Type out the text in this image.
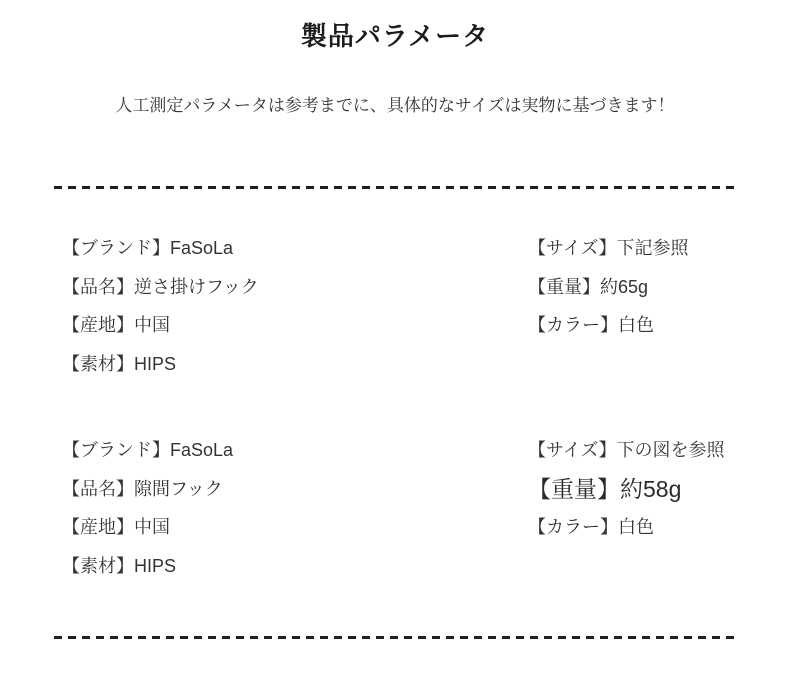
製品パラメータ
人工測定パラメータは参考までに、具体的なサイズは実物に基づきます！
【ブランド】FaSoLa
【品名】逆さ掛けフック
【産地】中国
【素材】HIPS
【サイズ】下記参照
【重量】約65g
【カラー】白色
【ブランド】FaSoLa
【品名】隙間フック
【産地】中国
【素材】HIPS
【サイズ】下の図を参照
【重量】約58g
【カラー】白色
